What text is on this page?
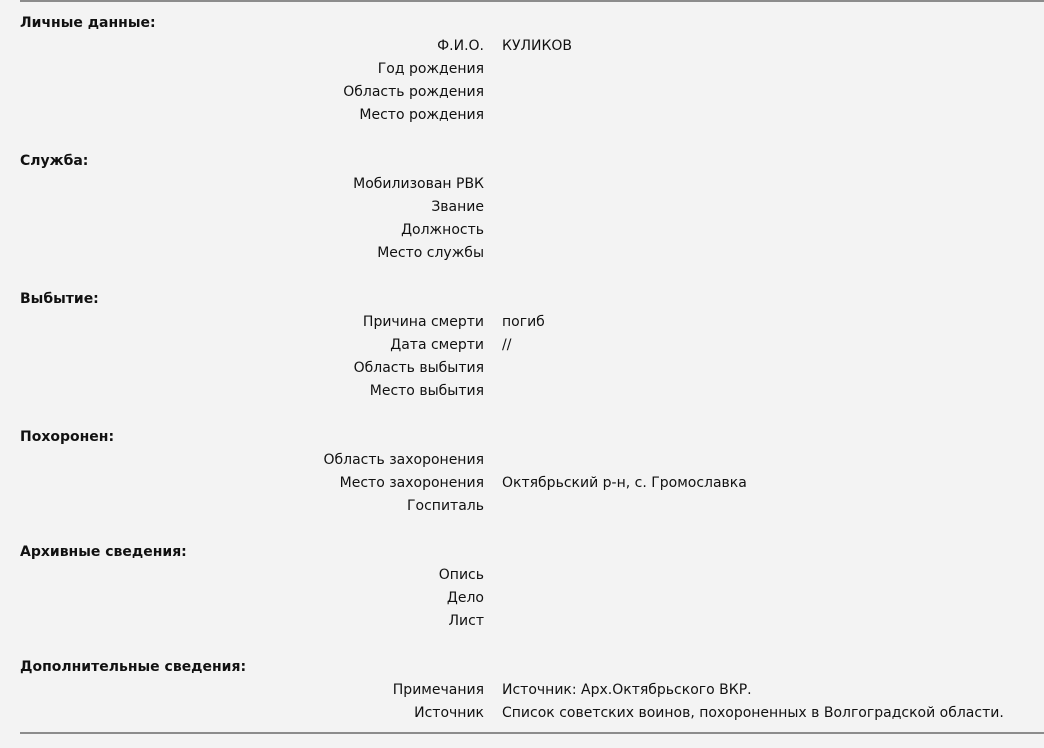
Личные данные:
Ф.И.О.	КУЛИКОВ
Год рождения
Область рождения
Место рождения
Служба:
Мобилизован РВК
Звание
Должность
Место службы
Выбытие:
Причина смерти	погиб
Дата смерти	//
Область выбытия
Место выбытия
Похоронен:
Область захоронения
Место захоронения	Октябрьский р-н, с. Громославка
Госпиталь
Архивные сведения:
Опись
Дело
Лист
Дополнительные сведения:
Примечания	Источник: Арх.Октябрьского ВКР.
Источник	Список советских воинов, похороненных в Волгоградской области.
